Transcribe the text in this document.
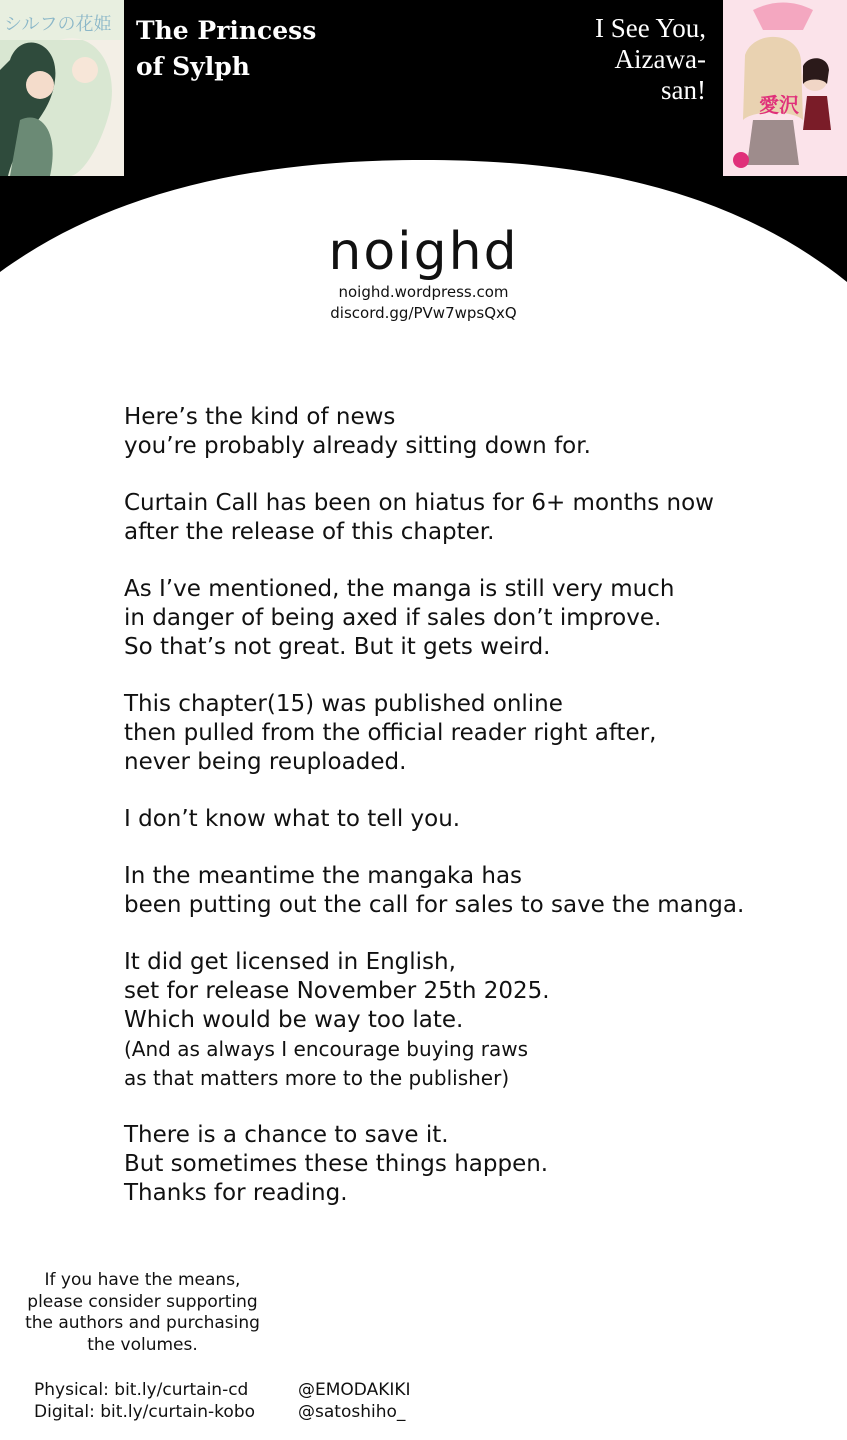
シルフの花姫
愛沢
The Princess
of Sylph
I See You,
Aizawa-
san!
noighd
noighd.wordpress.com
discord.gg/PVw7wpsQxQ

Here’s the kind of news
you’re probably already sitting down for.

Curtain Call has been on hiatus for 6+ months now
after the release of this chapter.

As I’ve mentioned, the manga is still very much
in danger of being axed if sales don’t improve.
So that’s not great. But it gets weird.

This chapter(15) was published online
then pulled from the official reader right after,
never being reuploaded.

I don’t know what to tell you.

In the meantime the mangaka has
been putting out the call for sales to save the manga.

It did get licensed in English,
set for release November 25th 2025.
Which would be way too late.
(And as always I encourage buying raws
as that matters more to the publisher)

There is a chance to save it.
But sometimes these things happen.
Thanks for reading.

If you have the means,
please consider supporting
the authors and purchasing
the volumes.
Physical: bit.ly/curtain-cd
Digital: bit.ly/curtain-kobo
@EMODAKIKI
@satoshiho_
